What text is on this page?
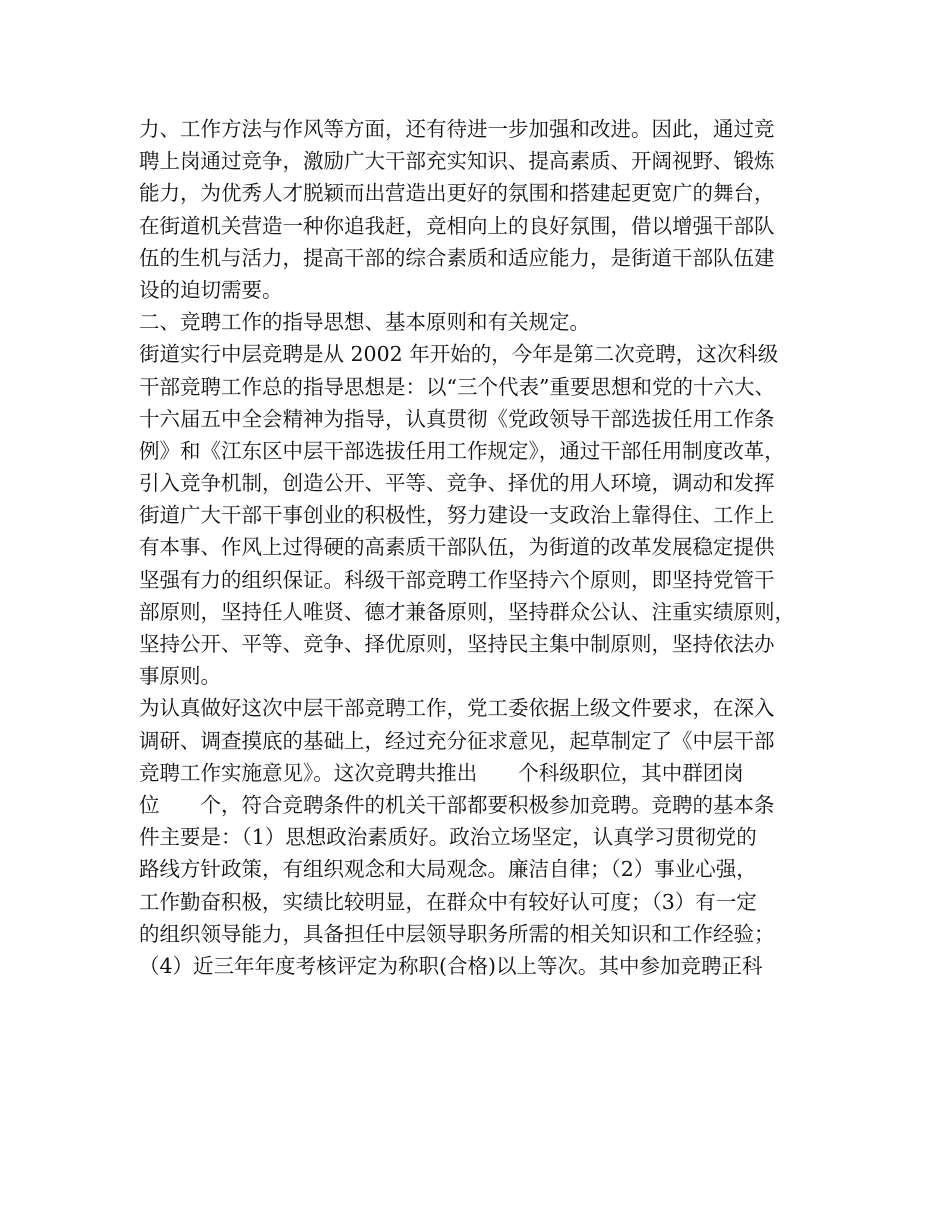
力、工作方法与作风等方面，还有待进一步加强和改进。因此，通过竞
聘上岗通过竞争，激励广大干部充实知识、提高素质、开阔视野、锻炼
能力，为优秀人才脱颖而出营造出更好的氛围和搭建起更宽广的舞台，
在街道机关营造一种你追我赶，竞相向上的良好氛围，借以增强干部队
伍的生机与活力，提高干部的综合素质和适应能力，是街道干部队伍建
设的迫切需要。
二、竞聘工作的指导思想、基本原则和有关规定。
街道实行中层竞聘是从 2002 年开始的，今年是第二次竞聘，这次科级
干部竞聘工作总的指导思想是：以“三个代表”重要思想和党的十六大、
十六届五中全会精神为指导，认真贯彻《党政领导干部选拔任用工作条
例》和《江东区中层干部选拔任用工作规定》，通过干部任用制度改革，
引入竞争机制，创造公开、平等、竞争、择优的用人环境，调动和发挥
街道广大干部干事创业的积极性，努力建设一支政治上靠得住、工作上
有本事、作风上过得硬的高素质干部队伍，为街道的改革发展稳定提供
坚强有力的组织保证。科级干部竞聘工作坚持六个原则，即坚持党管干
部原则，坚持任人唯贤、德才兼备原则，坚持群众公认、注重实绩原则，
坚持公开、平等、竞争、择优原则，坚持民主集中制原则，坚持依法办
事原则。
为认真做好这次中层干部竞聘工作，党工委依据上级文件要求，在深入
调研、调查摸底的基础上，经过充分征求意见，起草制定了《中层干部
竞聘工作实施意见》。这次竞聘共推出　　个科级职位，其中群团岗
位　　个，符合竞聘条件的机关干部都要积极参加竞聘。竞聘的基本条
件主要是：（1）思想政治素质好。政治立场坚定，认真学习贯彻党的
路线方针政策，有组织观念和大局观念。廉洁自律；（2）事业心强，
工作勤奋积极，实绩比较明显，在群众中有较好认可度；（3）有一定
的组织领导能力，具备担任中层领导职务所需的相关知识和工作经验；
（4）近三年年度考核评定为称职(合格)以上等次。其中参加竞聘正科
